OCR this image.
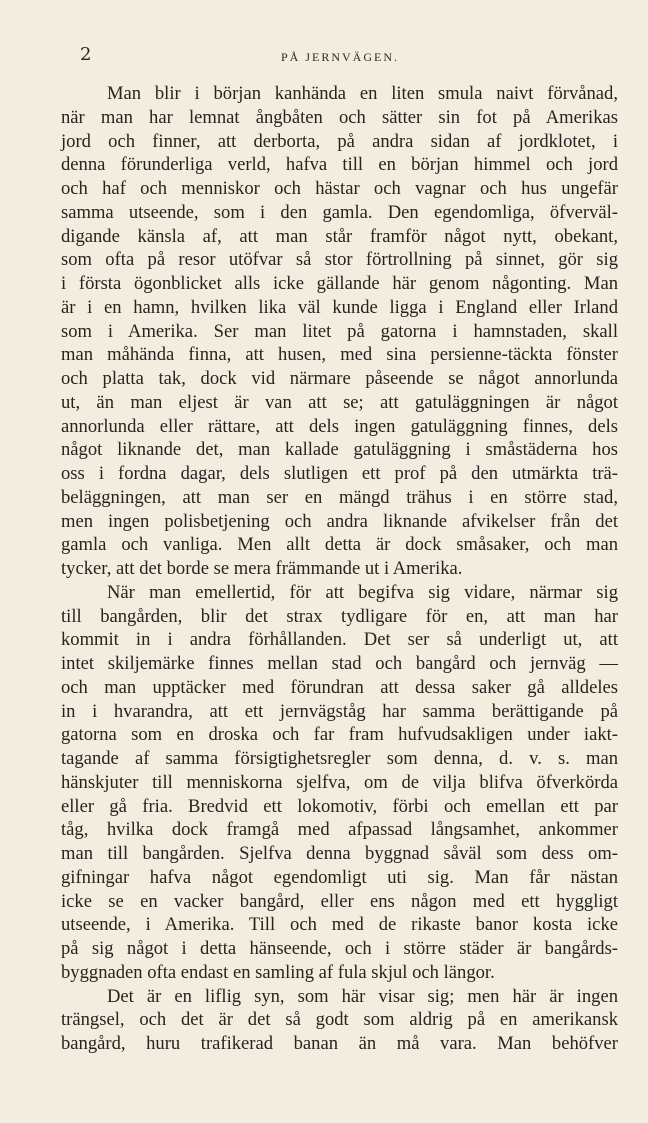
2	PÅ JERNVÄGEN.
Man blir i början kanhända en liten smula naivt förvånad,
när man har lemnat ångbåten och sätter sin fot på Amerikas
jord och finner, att derborta, på andra sidan af jordklotet, i
denna förunderliga verld, hafva till en början himmel och jord
och haf och menniskor och hästar och vagnar och hus ungefär
samma utseende, som i den gamla. Den egendomliga, öfverväl-
digande känsla af, att man står framför något nytt, obekant,
som ofta på resor utöfvar så stor förtrollning på sinnet, gör sig
i första ögonblicket alls icke gällande här genom någonting. Man
är i en hamn, hvilken lika väl kunde ligga i England eller Irland
som i Amerika. Ser man litet på gatorna i hamnstaden, skall
man måhända finna, att husen, med sina persienne-täckta fönster
och platta tak, dock vid närmare påseende se något annorlunda
ut, än man eljest är van att se; att gatuläggningen är något
annorlunda eller rättare, att dels ingen gatuläggning finnes, dels
något liknande det, man kallade gatuläggning i småstäderna hos
oss i fordna dagar, dels slutligen ett prof på den utmärkta trä-
beläggningen, att man ser en mängd trähus i en större stad,
men ingen polisbetjening och andra liknande afvikelser från det
gamla och vanliga. Men allt detta är dock småsaker, och man
tycker, att det borde se mera främmande ut i Amerika.
När man emellertid, för att begifva sig vidare, närmar sig
till bangården, blir det strax tydligare för en, att man har
kommit in i andra förhållanden. Det ser så underligt ut, att
intet skiljemärke finnes mellan stad och bangård och jernväg —
och man upptäcker med förundran att dessa saker gå alldeles
in i hvarandra, att ett jernvägståg har samma berättigande på
gatorna som en droska och far fram hufvudsakligen under iakt-
tagande af samma försigtighetsregler som denna, d. v. s. man
hänskjuter till menniskorna sjelfva, om de vilja blifva öfverkörda
eller gå fria. Bredvid ett lokomotiv, förbi och emellan ett par
tåg, hvilka dock framgå med afpassad långsamhet, ankommer
man till bangården. Sjelfva denna byggnad såväl som dess om-
gifningar hafva något egendomligt uti sig. Man får nästan
icke se en vacker bangård, eller ens någon med ett hyggligt
utseende, i Amerika. Till och med de rikaste banor kosta icke
på sig något i detta hänseende, och i större städer är bangårds-
byggnaden ofta endast en samling af fula skjul och längor.
Det är en liflig syn, som här visar sig; men här är ingen
trängsel, och det är det så godt som aldrig på en amerikansk
bangård, huru trafikerad banan än må vara. Man behöfver
